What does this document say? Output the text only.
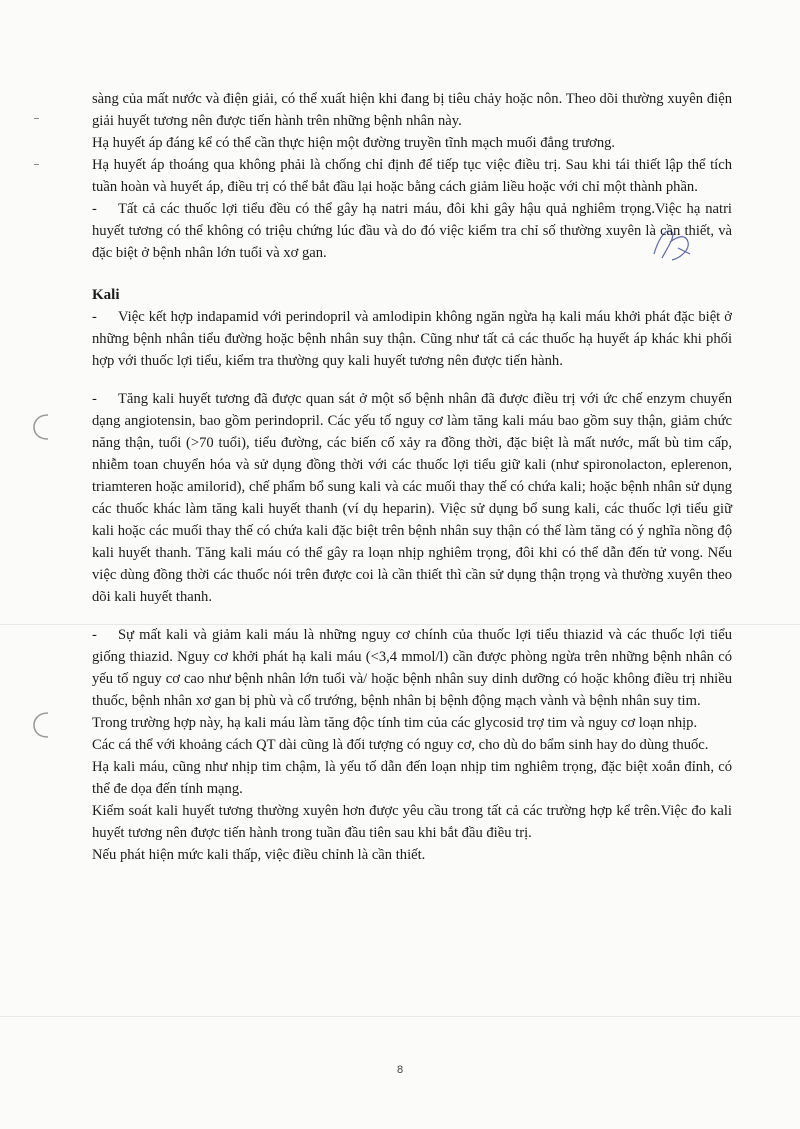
sàng của mất nước và điện giải, có thể xuất hiện khi đang bị tiêu chảy hoặc nôn. Theo dõi thường xuyên điện giải huyết tương nên được tiến hành trên những bệnh nhân này.

Hạ huyết áp đáng kể có thể cần thực hiện một đường truyền tĩnh mạch muối đẳng trương.

Hạ huyết áp thoáng qua không phải là chống chỉ định để tiếp tục việc điều trị. Sau khi tái thiết lập thể tích tuần hoàn và huyết áp, điều trị có thể bắt đầu lại hoặc bằng cách giảm liều hoặc với chỉ một thành phần.

- Tất cả các thuốc lợi tiểu đều có thể gây hạ natri máu, đôi khi gây hậu quả nghiêm trọng.Việc hạ natri huyết tương có thể không có triệu chứng lúc đầu và do đó việc kiểm tra chỉ số thường xuyên là cần thiết, và đặc biệt ở bệnh nhân lớn tuổi và xơ gan.

Kali

- Việc kết hợp indapamid với perindopril và amlodipin không ngăn ngừa hạ kali máu khởi phát đặc biệt ở những bệnh nhân tiểu đường hoặc bệnh nhân suy thận. Cũng như tất cả các thuốc hạ huyết áp khác khi phối hợp với thuốc lợi tiểu, kiểm tra thường quy kali huyết tương nên được tiến hành.

- Tăng kali huyết tương đã được quan sát ở một số bệnh nhân đã được điều trị với ức chế enzym chuyển dạng angiotensin, bao gồm perindopril. Các yếu tố nguy cơ làm tăng kali máu bao gồm suy thận, giảm chức năng thận, tuổi (>70 tuổi), tiểu đường, các biến cố xảy ra đồng thời, đặc biệt là mất nước, mất bù tim cấp, nhiễm toan chuyển hóa và sử dụng đồng thời với các thuốc lợi tiểu giữ kali (như spironolacton, eplerenon, triamteren hoặc amilorid), chế phẩm bổ sung kali và các muối thay thế có chứa kali; hoặc bệnh nhân sử dụng các thuốc khác làm tăng kali huyết thanh (ví dụ heparin). Việc sử dụng bổ sung kali, các thuốc lợi tiểu giữ kali hoặc các muối thay thế có chứa kali đặc biệt trên bệnh nhân suy thận có thể làm tăng có ý nghĩa nồng độ kali huyết thanh. Tăng kali máu có thể gây ra loạn nhịp nghiêm trọng, đôi khi có thể dẫn đến tử vong. Nếu việc dùng đồng thời các thuốc nói trên được coi là cần thiết thì cần sử dụng thận trọng và thường xuyên theo dõi kali huyết thanh.

- Sự mất kali và giảm kali máu là những nguy cơ chính của thuốc lợi tiểu thiazid và các thuốc lợi tiểu giống thiazid. Nguy cơ khởi phát hạ kali máu (<3,4 mmol/l) cần được phòng ngừa trên những bệnh nhân có yếu tố nguy cơ cao như bệnh nhân lớn tuổi và/ hoặc bệnh nhân suy dinh dưỡng có hoặc không điều trị nhiều thuốc, bệnh nhân xơ gan bị phù và cổ trướng, bệnh nhân bị bệnh động mạch vành và bệnh nhân suy tim.

Trong trường hợp này, hạ kali máu làm tăng độc tính tim của các glycosid trợ tim và nguy cơ loạn nhịp.

Các cá thể với khoảng cách QT dài cũng là đối tượng có nguy cơ, cho dù do bẩm sinh hay do dùng thuốc.

Hạ kali máu, cũng như nhịp tim chậm, là yếu tố dẫn đến loạn nhịp tim nghiêm trọng, đặc biệt xoắn đỉnh, có thể đe dọa đến tính mạng.

Kiểm soát kali huyết tương thường xuyên hơn được yêu cầu trong tất cả các trường hợp kể trên.Việc đo kali huyết tương nên được tiến hành trong tuần đầu tiên sau khi bắt đầu điều trị.

Nếu phát hiện mức kali thấp, việc điều chỉnh là cần thiết.

8
